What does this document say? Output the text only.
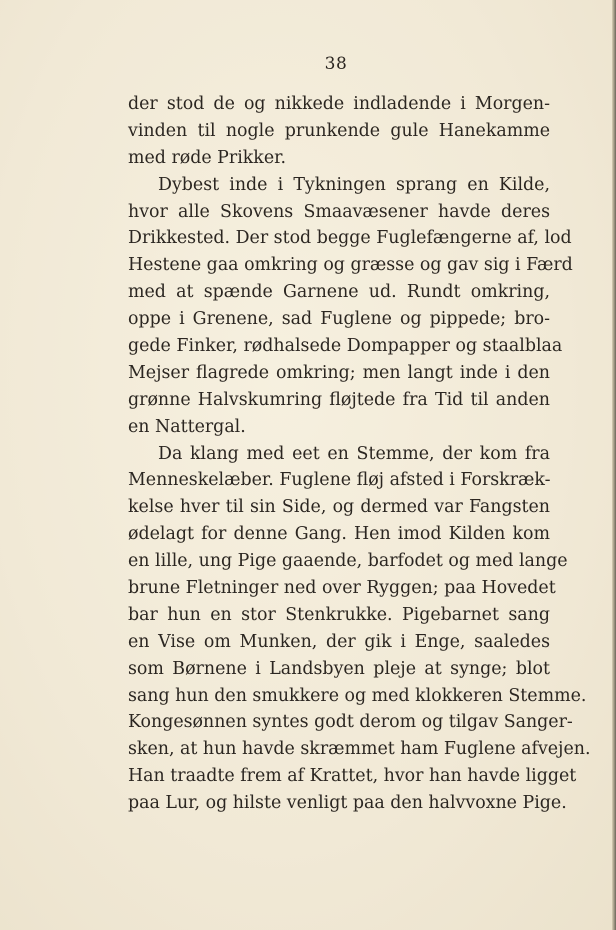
38
der stod de og nikkede indladende i Morgen-
vinden til nogle prunkende gule Hanekamme
med røde Prikker.
Dybest inde i Tykningen sprang en Kilde,
hvor alle Skovens Smaavæsener havde deres
Drikkested. Der stod begge Fuglefængerne af, lod
Hestene gaa omkring og græsse og gav sig i Færd
med at spænde Garnene ud. Rundt omkring,
oppe i Grenene, sad Fuglene og pippede; bro-
gede Finker, rødhalsede Dompapper og staalblaa
Mejser flagrede omkring; men langt inde i den
grønne Halvskumring fløjtede fra Tid til anden
en Nattergal.
Da klang med eet en Stemme, der kom fra
Menneskelæber. Fuglene fløj afsted i Forskræk-
kelse hver til sin Side, og dermed var Fangsten
ødelagt for denne Gang. Hen imod Kilden kom
en lille, ung Pige gaaende, barfodet og med lange
brune Fletninger ned over Ryggen; paa Hovedet
bar hun en stor Stenkrukke. Pigebarnet sang
en Vise om Munken, der gik i Enge, saaledes
som Børnene i Landsbyen pleje at synge; blot
sang hun den smukkere og med klokkeren Stemme.
Kongesønnen syntes godt derom og tilgav Sanger-
sken, at hun havde skræmmet ham Fuglene afvejen.
Han traadte frem af Krattet, hvor han havde ligget
paa Lur, og hilste venligt paa den halvvoxne Pige.
